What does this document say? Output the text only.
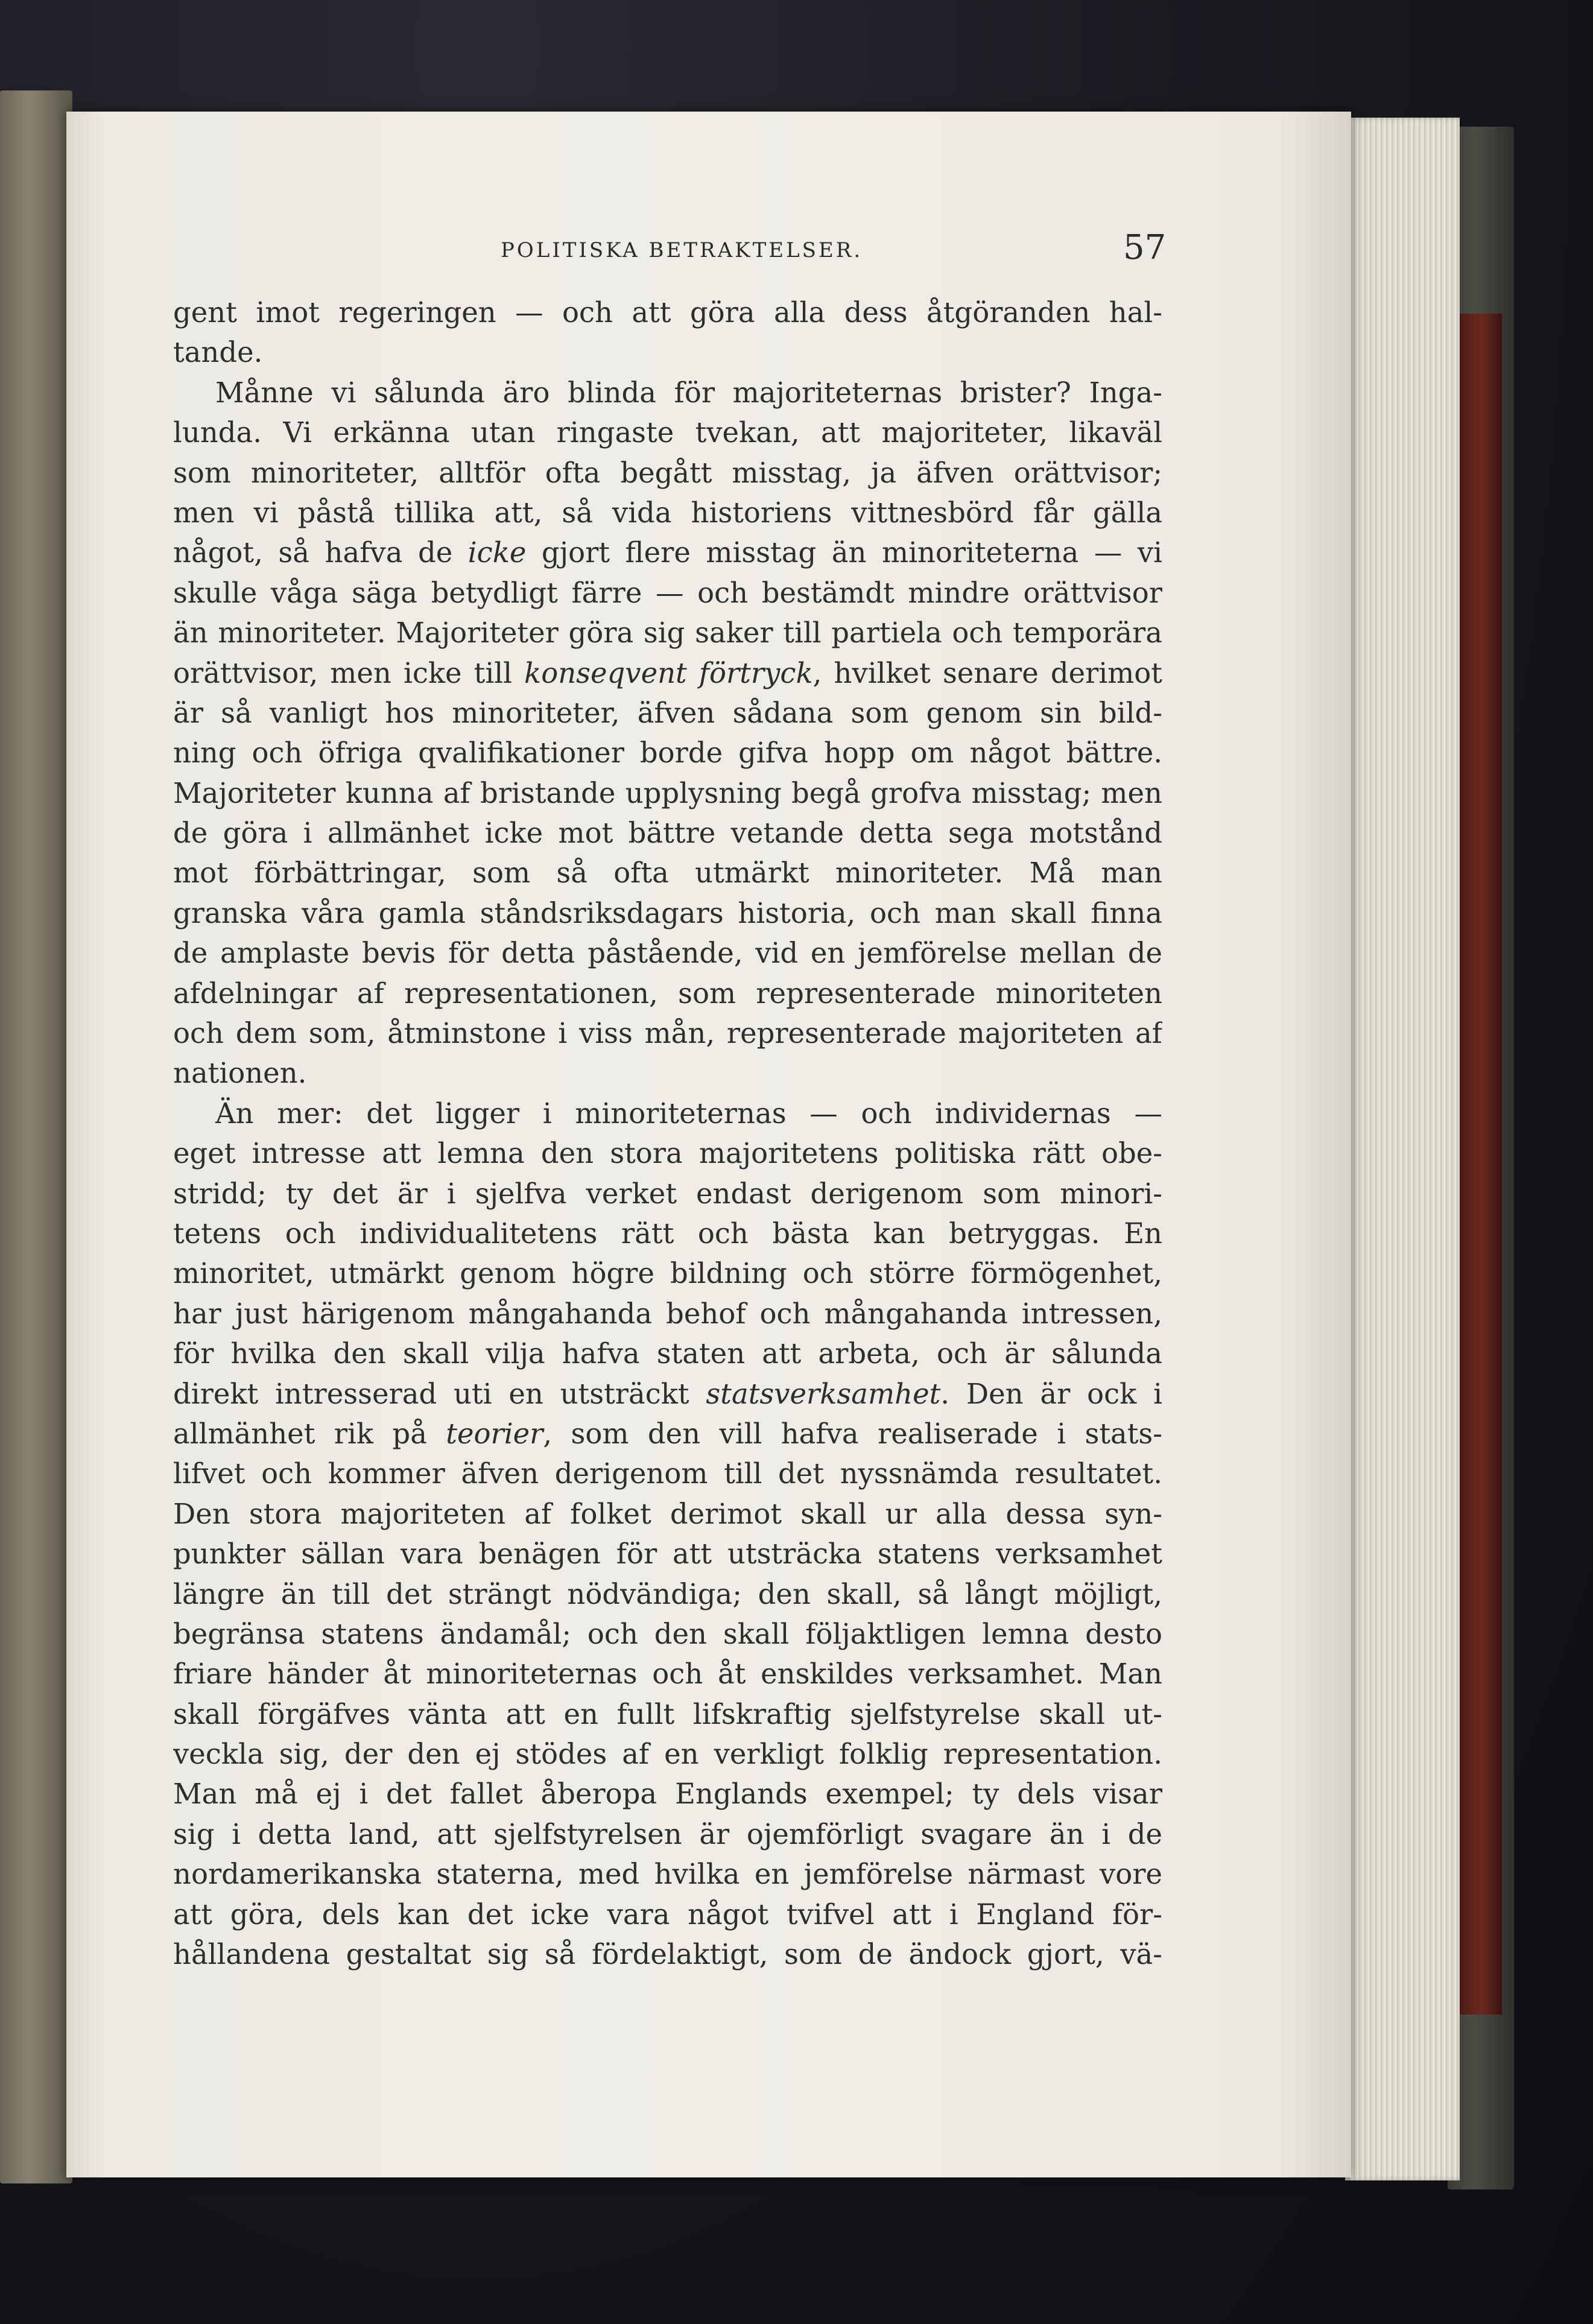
POLITISKA BETRAKTELSER.	57
gent imot regeringen — och att göra alla dess åtgöranden hal-
tande.
Månne vi sålunda äro blinda för majoriteternas brister? Inga-
lunda. Vi erkänna utan ringaste tvekan, att majoriteter, likaväl
som minoriteter, alltför ofta begått misstag, ja äfven orättvisor;
men vi påstå tillika att, så vida historiens vittnesbörd får gälla
något, så hafva de icke gjort flere misstag än minoriteterna — vi
skulle våga säga betydligt färre — och bestämdt mindre orättvisor
än minoriteter. Majoriteter göra sig saker till partiela och temporära
orättvisor, men icke till konseqvent förtryck, hvilket senare derimot
är så vanligt hos minoriteter, äfven sådana som genom sin bild-
ning och öfriga qvalifikationer borde gifva hopp om något bättre.
Majoriteter kunna af bristande upplysning begå grofva misstag; men
de göra i allmänhet icke mot bättre vetande detta sega motstånd
mot förbättringar, som så ofta utmärkt minoriteter. Må man
granska våra gamla ståndsriksdagars historia, och man skall finna
de amplaste bevis för detta påstående, vid en jemförelse mellan de
afdelningar af representationen, som representerade minoriteten
och dem som, åtminstone i viss mån, representerade majoriteten af
nationen.
Än mer: det ligger i minoriteternas — och individernas —
eget intresse att lemna den stora majoritetens politiska rätt obe-
stridd; ty det är i sjelfva verket endast derigenom som minori-
tetens och individualitetens rätt och bästa kan betryggas. En
minoritet, utmärkt genom högre bildning och större förmögenhet,
har just härigenom mångahanda behof och mångahanda intressen,
för hvilka den skall vilja hafva staten att arbeta, och är sålunda
direkt intresserad uti en utsträckt statsverksamhet. Den är ock i
allmänhet rik på teorier, som den vill hafva realiserade i stats-
lifvet och kommer äfven derigenom till det nyssnämda resultatet.
Den stora majoriteten af folket derimot skall ur alla dessa syn-
punkter sällan vara benägen för att utsträcka statens verksamhet
längre än till det strängt nödvändiga; den skall, så långt möjligt,
begränsa statens ändamål; och den skall följaktligen lemna desto
friare händer åt minoriteternas och åt enskildes verksamhet. Man
skall förgäfves vänta att en fullt lifskraftig sjelfstyrelse skall ut-
veckla sig, der den ej stödes af en verkligt folklig representation.
Man må ej i det fallet åberopa Englands exempel; ty dels visar
sig i detta land, att sjelfstyrelsen är ojemförligt svagare än i de
nordamerikanska staterna, med hvilka en jemförelse närmast vore
att göra, dels kan det icke vara något tvifvel att i England för-
hållandena gestaltat sig så fördelaktigt, som de ändock gjort, vä-
